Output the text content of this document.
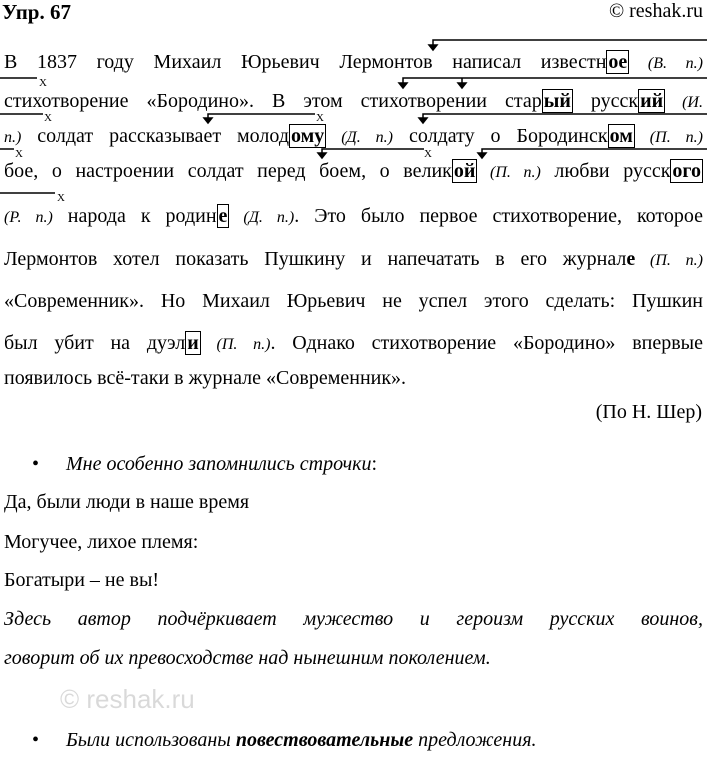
Упр. 67	© reshak.ru
В 1837 году Михаил Юрьевич Лермонтов написал известн ое (В. п.)
стихотворение «Бородино». В этом стихотворении стар ый русск ий (И.
п.) солдат рассказывает молод ому (Д. п.) солдату о Бородинск ом (П. п.)
бое, о настроении солдат перед боем, о велик ой (П. п.) любви русск ого
(Р. п.) народа к родин е (Д. п.). Это было первое стихотворение, которое
Лермонтов хотел показать Пушкину и напечатать в его журнале (П. п.)
«Современник». Но Михаил Юрьевич не успел этого сделать: Пушкин
был убит на дуэл и (П. п.). Однако стихотворение «Бородино» впервые
появилось всё-таки в журнале «Современник».
X
X	X
X	X
X
(По Н. Шер)
• Мне особенно запомнились строчки:
Да, были люди в наше время
Могучее, лихое племя:
Богатыри – не вы!
Здесь автор подчёркивает мужество и героизм русских воинов,
говорит об их превосходстве над нынешним поколением.
© reshak.ru
• Были использованы повествовательные предложения.
